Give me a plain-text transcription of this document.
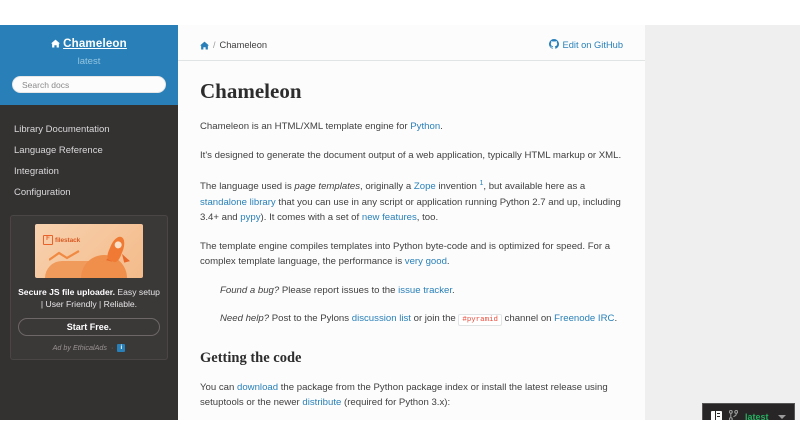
Chameleon
latest
Search docs
Library Documentation
Language Reference
Integration
Configuration
F filestack
Secure JS file uploader. Easy setup | User Friendly | Reliable.
Start Free.
Ad by EthicalAds ·	i
/ Chameleon	Edit on GitHub
Chameleon

Chameleon is an HTML/XML template engine for Python.

It's designed to generate the document output of a web application, typically HTML markup or XML.

The language used is page templates, originally a Zope invention $^1$, but available here as a standalone library that you can use in any script or application running Python 2.7 and up, including 3.4+ and pypy). It comes with a set of new features, too.

The template engine compiles templates into Python byte-code and is optimized for speed. For a complex template language, the performance is very good.

Found a bug? Please report issues to the issue tracker.

Need help? Post to the Pylons discussion list or join the #pyramid channel on Freenode IRC.

Getting the code

You can download the package from the Python package index or install the latest release using setuptools or the newer distribute (required for Python 3.x):

latest
